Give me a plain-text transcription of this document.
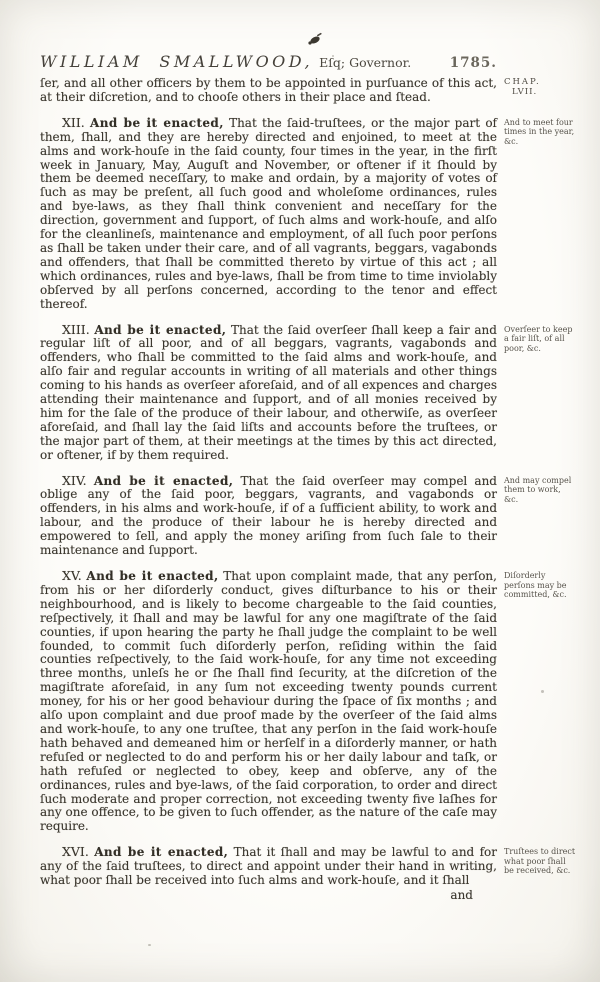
WILLIAM SMALLWOOD, Eſq; Governor.	1785.

ſer, and all other officers by them to be appointed in purſuance of this act, at their diſcretion, and to chooſe others in their place and ſtead.
CHAP.
LVII.

XII. And be it enacted, That the ſaid-truſtees, or the major part of them, ſhall, and they are hereby directed and enjoined, to meet at the alms and work-houſe in the ſaid county, four times in the year, in the firſt week in January, May, Auguſt and November, or oftener if it ſhould by them be deemed neceſſary, to make and ordain, by a majority of votes of ſuch as may be preſent, all ſuch good and wholeſome ordinances, rules and bye-laws, as they ſhall think convenient and neceſſary for the direction, government and ſupport, of ſuch alms and work-houſe, and alſo for the cleanlineſs, maintenance and employment, of all ſuch poor perſons as ſhall be taken under their care, and of all vagrants, beggars, vagabonds and offenders, that ſhall be committed thereto by virtue of this act ; all which ordinances, rules and bye-laws, ſhall be from time to time inviolably obſerved by all perſons concerned, according to the tenor and effect thereof.
And to meet four times in the year, &c.

XIII. And be it enacted, That the ſaid overſeer ſhall keep a fair and regular liſt of all poor, and of all beggars, vagrants, vagabonds and offenders, who ſhall be committed to the ſaid alms and work-houſe, and alſo fair and regular accounts in writing of all materials and other things coming to his hands as overſeer aforeſaid, and of all expences and charges attending their maintenance and ſupport, and of all monies received by him for the ſale of the produce of their labour, and otherwiſe, as overſeer aforeſaid, and ſhall lay the ſaid liſts and accounts before the truſtees, or the major part of them, at their meetings at the times by this act directed, or oftener, if by them required.
Overſeer to keep a fair liſt, of all poor, &c.

XIV. And be it enacted, That the ſaid overſeer may compel and oblige any of the ſaid poor, beggars, vagrants, and vagabonds or offenders, in his alms and work-houſe, if of a ſufficient ability, to work and labour, and the produce of their labour he is hereby directed and empowered to ſell, and apply the money ariſing from ſuch ſale to their maintenance and ſupport.
And may compel them to work, &c.

XV. And be it enacted, That upon complaint made, that any perſon, from his or her diſorderly conduct, gives diſturbance to his or their neighbourhood, and is likely to become chargeable to the ſaid counties, reſpectively, it ſhall and may be lawful for any one magiſtrate of the ſaid counties, if upon hearing the party he ſhall judge the complaint to be well founded, to commit ſuch diſorderly perſon, reſiding within the ſaid counties reſpectively, to the ſaid work-houſe, for any time not exceeding three months, unleſs he or ſhe ſhall find ſecurity, at the diſcretion of the magiſtrate aforeſaid, in any ſum not exceeding twenty pounds current money, for his or her good behaviour during the ſpace of ſix months ; and alſo upon complaint and due proof made by the overſeer of the ſaid alms and work-houſe, to any one truſtee, that any perſon in the ſaid work-houſe hath behaved and demeaned him or herſelf in a diſorderly manner, or hath refuſed or neglected to do and perform his or her daily labour and taſk, or hath refuſed or neglected to obey, keep and obſerve, any of the ordinances, rules and bye-laws, of the ſaid corporation, to order and direct ſuch moderate and proper correction, not exceeding twenty five laſhes for any one offence, to be given to ſuch offender, as the nature of the caſe may require.
Diſorderly perſons may be committed, &c.

XVI. And be it enacted, That it ſhall and may be lawful to and for any of the ſaid truſtees, to direct and appoint under their hand in writing, what poor ſhall be received into ſuch alms and work-houſe, and it ſhall
Truſtees to direct what poor ſhall be received, &c.

and
